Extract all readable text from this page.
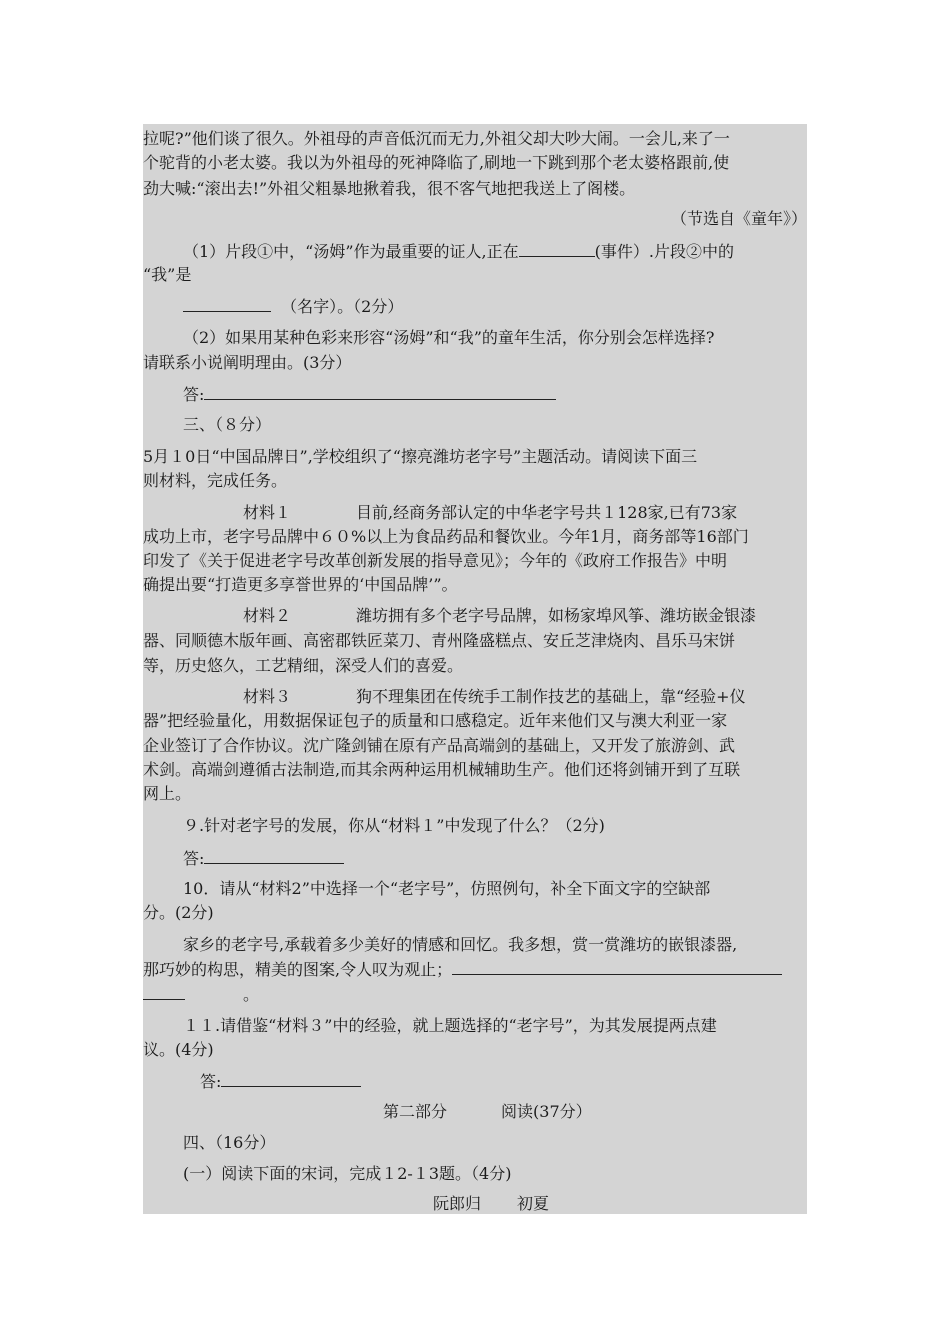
拉呢?”他们谈了很久。外祖母的声音低沉而无力,外祖父却大吵大闹。一会儿,来了一
个驼背的小老太婆。我以为外祖母的死神降临了,刷地一下跳到那个老太婆格跟前,使
劲大喊:“滚出去!”外祖父粗暴地揪着我，很不客气地把我送上了阁楼。
（节选自《童年》）
（1）片段①中，“汤姆”作为最重要的证人,正在	(事件）.片段②中的
“我”是
（名字）。（2分）
（2）如果用某种色彩来形容“汤姆”和“我”的童年生活，你分别会怎样选择?
请联系小说阐明理由。(3分）
答:
三、（８分）
5月１0日“中国品牌日”,学校组织了“擦亮潍坊老字号”主题活动。请阅读下面三
则材料，完成任务。
材料１	目前,经商务部认定的中华老字号共１128家,已有73家
成功上市，老字号品牌中６０%以上为食品药品和餐饮业。今年1月，商务部等16部门
印发了《关于促进老字号改革创新发展的指导意见》；今年的《政府工作报告》中明
确提出要“打造更多享誉世界的‘中国品牌’”。
材料２	潍坊拥有多个老字号品牌，如杨家埠风筝、潍坊嵌金银漆
器、同顺德木版年画、高密郡铁匠菜刀、青州隆盛糕点、安丘芝津烧肉、昌乐马宋饼
等，历史悠久，工艺精细，深受人们的喜爱。
材料３	狗不理集团在传统手工制作技艺的基础上，靠“经验+仪
器”把经验量化，用数据保证包子的质量和口感稳定。近年来他们又与澳大利亚一家
企业签订了合作协议。沈广隆剑铺在原有产品高端剑的基础上，又开发了旅游剑、武
术剑。高端剑遵循古法制造,而其余两种运用机械辅助生产。他们还将剑铺开到了互联
网上。
９.针对老字号的发展，你从“材料１”中发现了什么？（2分)
答:
10．请从“材料2”中选择一个“老字号”，仿照例句，补全下面文字的空缺部
分。(2分)
家乡的老字号,承载着多少美好的情感和回忆。我多想，赏一赏潍坊的嵌银漆器,
那巧妙的构思，精美的图案,令人叹为观止；
。
１１.请借鉴“材料３”中的经验，就上题选择的“老字号”，为其发展提两点建
议。(4分)
答:
第二部分	阅读(37分）
四、（16分）
(一）阅读下面的宋词，完成１2-１3题。（4分)
阮郎归 初夏
